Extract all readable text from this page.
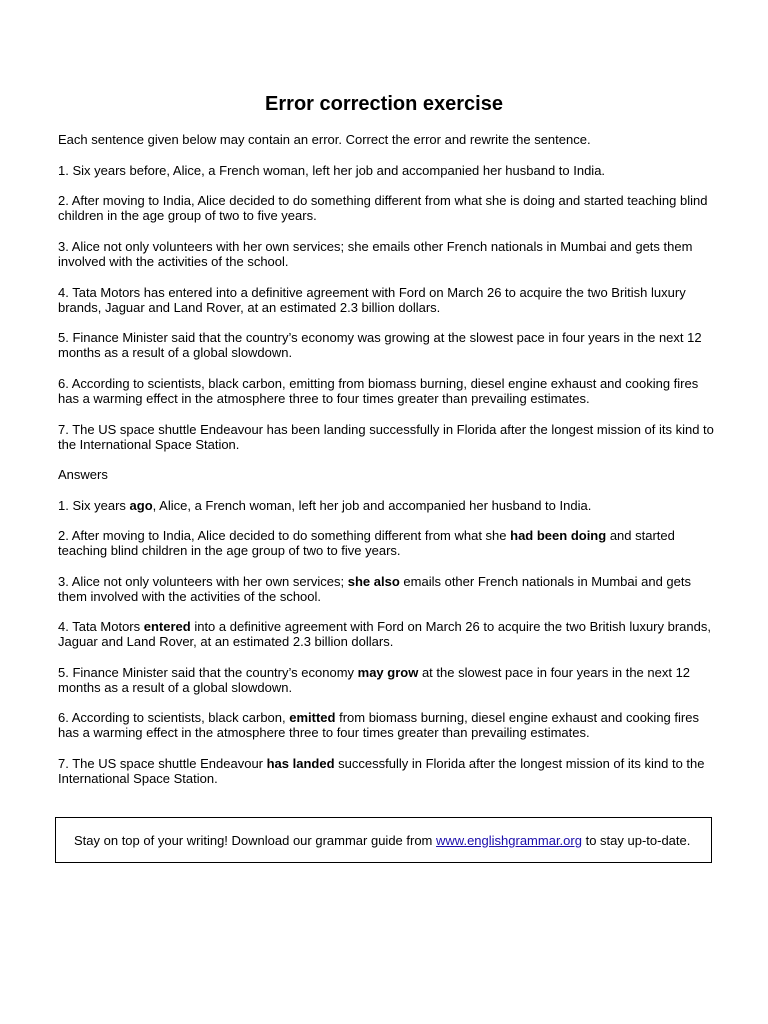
Error correction exercise

Each sentence given below may contain an error. Correct the error and rewrite the sentence.

1. Six years before, Alice, a French woman, left her job and accompanied her husband to India.

2. After moving to India, Alice decided to do something different from what she is doing and started teaching blind children in the age group of two to five years.

3. Alice not only volunteers with her own services; she emails other French nationals in Mumbai and gets them involved with the activities of the school.

4. Tata Motors has entered into a definitive agreement with Ford on March 26 to acquire the two British luxury brands, Jaguar and Land Rover, at an estimated 2.3 billion dollars.

5. Finance Minister said that the country’s economy was growing at the slowest pace in four years in the next 12 months as a result of a global slowdown.

6. According to scientists, black carbon, emitting from biomass burning, diesel engine exhaust and cooking fires has a warming effect in the atmosphere three to four times greater than prevailing estimates.

7. The US space shuttle Endeavour has been landing successfully in Florida after the longest mission of its kind to the International Space Station.

Answers

1. Six years ago, Alice, a French woman, left her job and accompanied her husband to India.

2. After moving to India, Alice decided to do something different from what she had been doing and started teaching blind children in the age group of two to five years.

3. Alice not only volunteers with her own services; she also emails other French nationals in Mumbai and gets them involved with the activities of the school.

4. Tata Motors entered into a definitive agreement with Ford on March 26 to acquire the two British luxury brands, Jaguar and Land Rover, at an estimated 2.3 billion dollars.

5. Finance Minister said that the country’s economy may grow at the slowest pace in four years in the next 12 months as a result of a global slowdown.

6. According to scientists, black carbon, emitted from biomass burning, diesel engine exhaust and cooking fires has a warming effect in the atmosphere three to four times greater than prevailing estimates.

7. The US space shuttle Endeavour has landed successfully in Florida after the longest mission of its kind to the International Space Station.

Stay on top of your writing! Download our grammar guide from www.englishgrammar.org to stay up-to-date.
